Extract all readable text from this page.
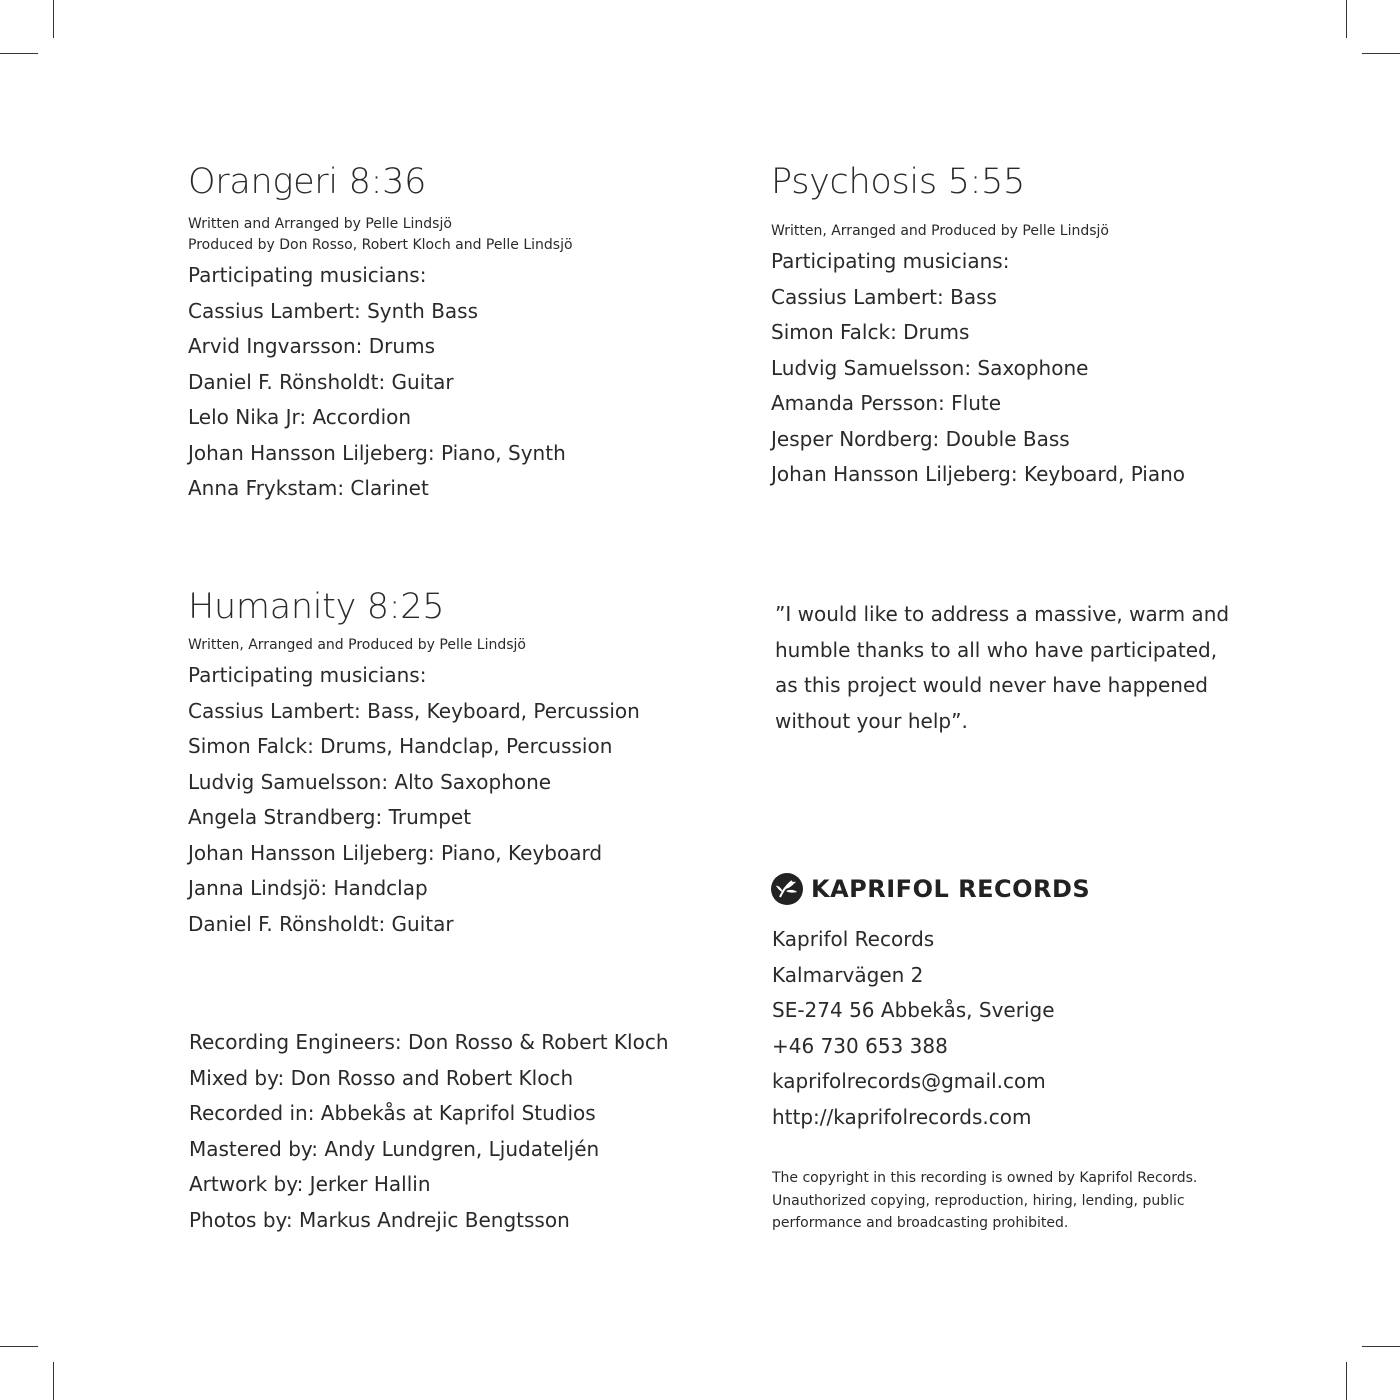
Orangeri 8:36
Written and Arranged by Pelle Lindsjö
Produced by Don Rosso, Robert Kloch and Pelle Lindsjö
Participating musicians:
Cassius Lambert: Synth Bass
Arvid Ingvarsson: Drums
Daniel F. Rönsholdt: Guitar
Lelo Nika Jr: Accordion
Johan Hansson Liljeberg: Piano, Synth
Anna Frykstam: Clarinet
Psychosis 5:55
Written, Arranged and Produced by Pelle Lindsjö
Participating musicians:
Cassius Lambert: Bass
Simon Falck: Drums
Ludvig Samuelsson: Saxophone
Amanda Persson: Flute
Jesper Nordberg: Double Bass
Johan Hansson Liljeberg: Keyboard, Piano
Humanity 8:25
Written, Arranged and Produced by Pelle Lindsjö
Participating musicians:
Cassius Lambert: Bass, Keyboard, Percussion
Simon Falck: Drums, Handclap, Percussion
Ludvig Samuelsson: Alto Saxophone
Angela Strandberg: Trumpet
Johan Hansson Liljeberg: Piano, Keyboard
Janna Lindsjö: Handclap
Daniel F. Rönsholdt: Guitar
”I would like to address a massive, warm and humble thanks to all who have participated, as this project would never have happened without your help”.
Recording Engineers: Don Rosso & Robert Kloch
Mixed by: Don Rosso and Robert Kloch
Recorded in: Abbekås at Kaprifol Studios
Mastered by: Andy Lundgren, Ljudateljén
Artwork by: Jerker Hallin
Photos by: Markus Andrejic Bengtsson
KAPRIFOL RECORDS
Kaprifol Records
Kalmarvägen 2
SE-274 56 Abbekås, Sverige
+46 730 653 388
kaprifolrecords@gmail.com
http://kaprifolrecords.com
The copyright in this recording is owned by Kaprifol Records. Unauthorized copying, reproduction, hiring, lending, public performance and broadcasting prohibited.
